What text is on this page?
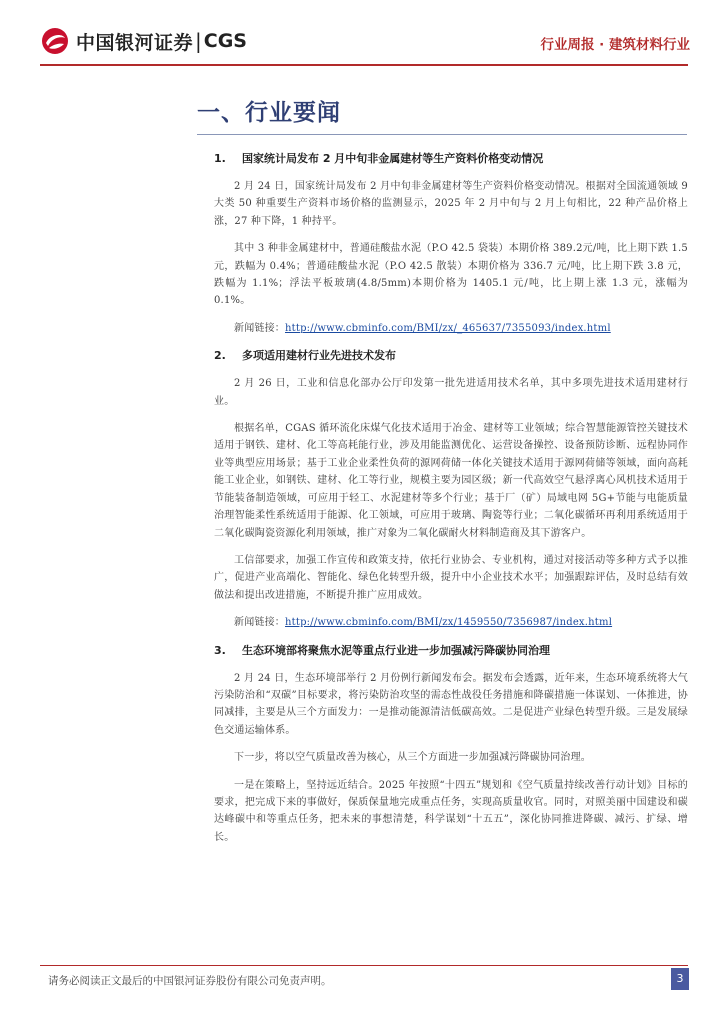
中国银河证券 | CGS	行业周报 · 建筑材料行业
一、行业要闻
1. 国家统计局发布 2 月中旬非金属建材等生产资料价格变动情况

2 月 24 日，国家统计局发布 2 月中旬非金属建材等生产资料价格变动情况。根据对全国流通领域 9 大类 50 种重要生产资料市场价格的监测显示，2025 年 2 月中旬与 2 月上旬相比，22 种产品价格上涨，27 种下降，1 种持平。

其中 3 种非金属建材中，普通硅酸盐水泥（P.O 42.5 袋装）本期价格 389.2元/吨，比上期下跌 1.5 元，跌幅为 0.4%；普通硅酸盐水泥（P.O 42.5 散装）本期价格为 336.7 元/吨，比上期下跌 3.8 元，跌幅为 1.1%；浮法平板玻璃(4.8/5mm)本期价格为 1405.1 元/吨，比上期上涨 1.3 元，涨幅为 0.1%。

新闻链接：http://www.cbminfo.com/BMI/zx/_465637/7355093/index.html

2. 多项适用建材行业先进技术发布

2 月 26 日，工业和信息化部办公厅印发第一批先进适用技术名单，其中多项先进技术适用建材行业。

根据名单，CGAS 循环流化床煤气化技术适用于冶金、建材等工业领域；综合智慧能源管控关键技术适用于钢铁、建材、化工等高耗能行业，涉及用能监测优化、运营设备操控、设备预防诊断、远程协同作业等典型应用场景；基于工业企业柔性负荷的源网荷储一体化关键技术适用于源网荷储等领域，面向高耗能工业企业，如钢铁、建材、化工等行业，规模主要为园区级；新一代高效空气悬浮离心风机技术适用于节能装备制造领域，可应用于轻工、水泥建材等多个行业；基于厂（矿）局域电网 5G+节能与电能质量治理智能柔性系统适用于能源、化工领域，可应用于玻璃、陶瓷等行业；二氧化碳循环再利用系统适用于二氧化碳陶瓷资源化利用领域，推广对象为二氧化碳耐火材料制造商及其下游客户。

工信部要求，加强工作宣传和政策支持，依托行业协会、专业机构，通过对接活动等多种方式予以推广，促进产业高端化、智能化、绿色化转型升级，提升中小企业技术水平；加强跟踪评估，及时总结有效做法和提出改进措施，不断提升推广应用成效。

新闻链接：http://www.cbminfo.com/BMI/zx/1459550/7356987/index.html

3. 生态环境部将聚焦水泥等重点行业进一步加强减污降碳协同治理

2 月 24 日，生态环境部举行 2 月份例行新闻发布会。据发布会透露，近年来，生态环境系统将大气污染防治和“双碳”目标要求，将污染防治攻坚的需态性战役任务措施和降碳措施一体谋划、一体推进，协同减排，主要是从三个方面发力：一是推动能源清洁低碳高效。二是促进产业绿色转型升级。三是发展绿色交通运输体系。

下一步，将以空气质量改善为核心，从三个方面进一步加强减污降碳协同治理。

一是在策略上，坚持远近结合。2025 年按照“十四五”规划和《空气质量持续改善行动计划》目标的要求，把完成下来的事做好，保质保量地完成重点任务，实现高质量收官。同时，对照美丽中国建设和碳达峰碳中和等重点任务，把未来的事想清楚，科学谋划“十五五”，深化协同推进降碳、减污、扩绿、增长。

请务必阅读正文最后的中国银河证券股份有限公司免责声明。	3
